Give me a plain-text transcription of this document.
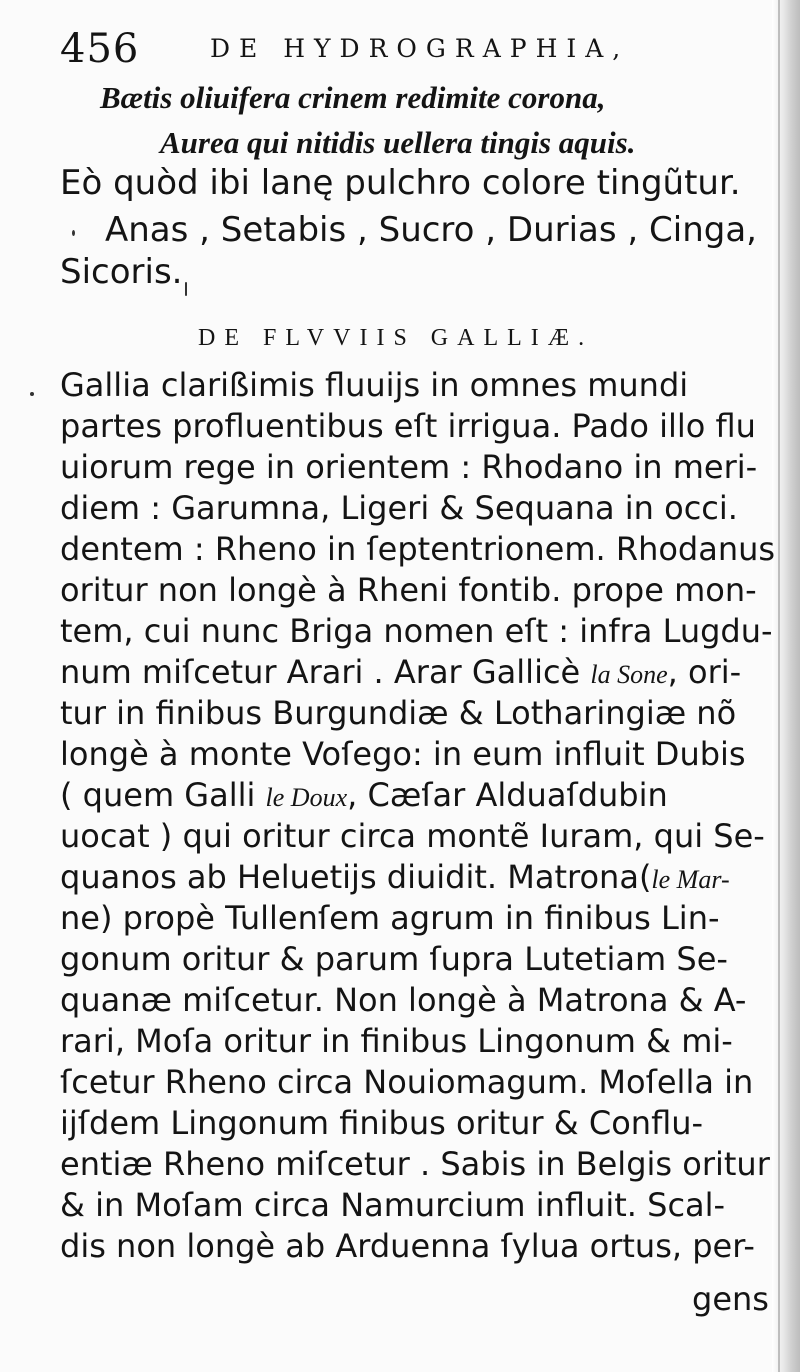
456	DE HYDROGRAPHIA,
Bætis oliuifera crinem redimite corona,
Aurea qui nitidis uellera tingis aquis.
Eò quòd ibi lanę pulchro colore tingũtur.
Anas , Setabis , Sucro , Durias , Cinga,
Sicoris.
DE FLVVIIS GALLIÆ.
Gallia clarißimis fluuijs in omnes mundi
partes profluentibus eſt irrigua. Pado illo flu
uiorum rege in orientem : Rhodano in meri-
diem : Garumna, Ligeri & Sequana in occi.
dentem : Rheno in ſeptentrionem. Rhodanus
oritur non longè à Rheni fontib. prope mon-
tem, cui nunc Briga nomen eſt : infra Lugdu-
num miſcetur Arari . Arar Gallicè la Sone, ori-
tur in finibus Burgundiæ & Lotharingiæ nõ
longè à monte Voſego: in eum influit Dubis
( quem Galli le Doux, Cæſar Alduaſdubin
uocat ) qui oritur circa montẽ Iuram, qui Se-
quanos ab Heluetijs diuidit. Matrona(le Mar-
ne) propè Tullenſem agrum in finibus Lin-
gonum oritur & parum ſupra Lutetiam Se-
quanæ miſcetur. Non longè à Matrona & A-
rari, Moſa oritur in finibus Lingonum & mi-
ſcetur Rheno circa Nouiomagum. Moſella in
ijſdem Lingonum finibus oritur & Conflu-
entiæ Rheno miſcetur . Sabis in Belgis oritur
& in Moſam circa Namurcium influit. Scal-
dis non longè ab Arduenna ſylua ortus, per-
gens
